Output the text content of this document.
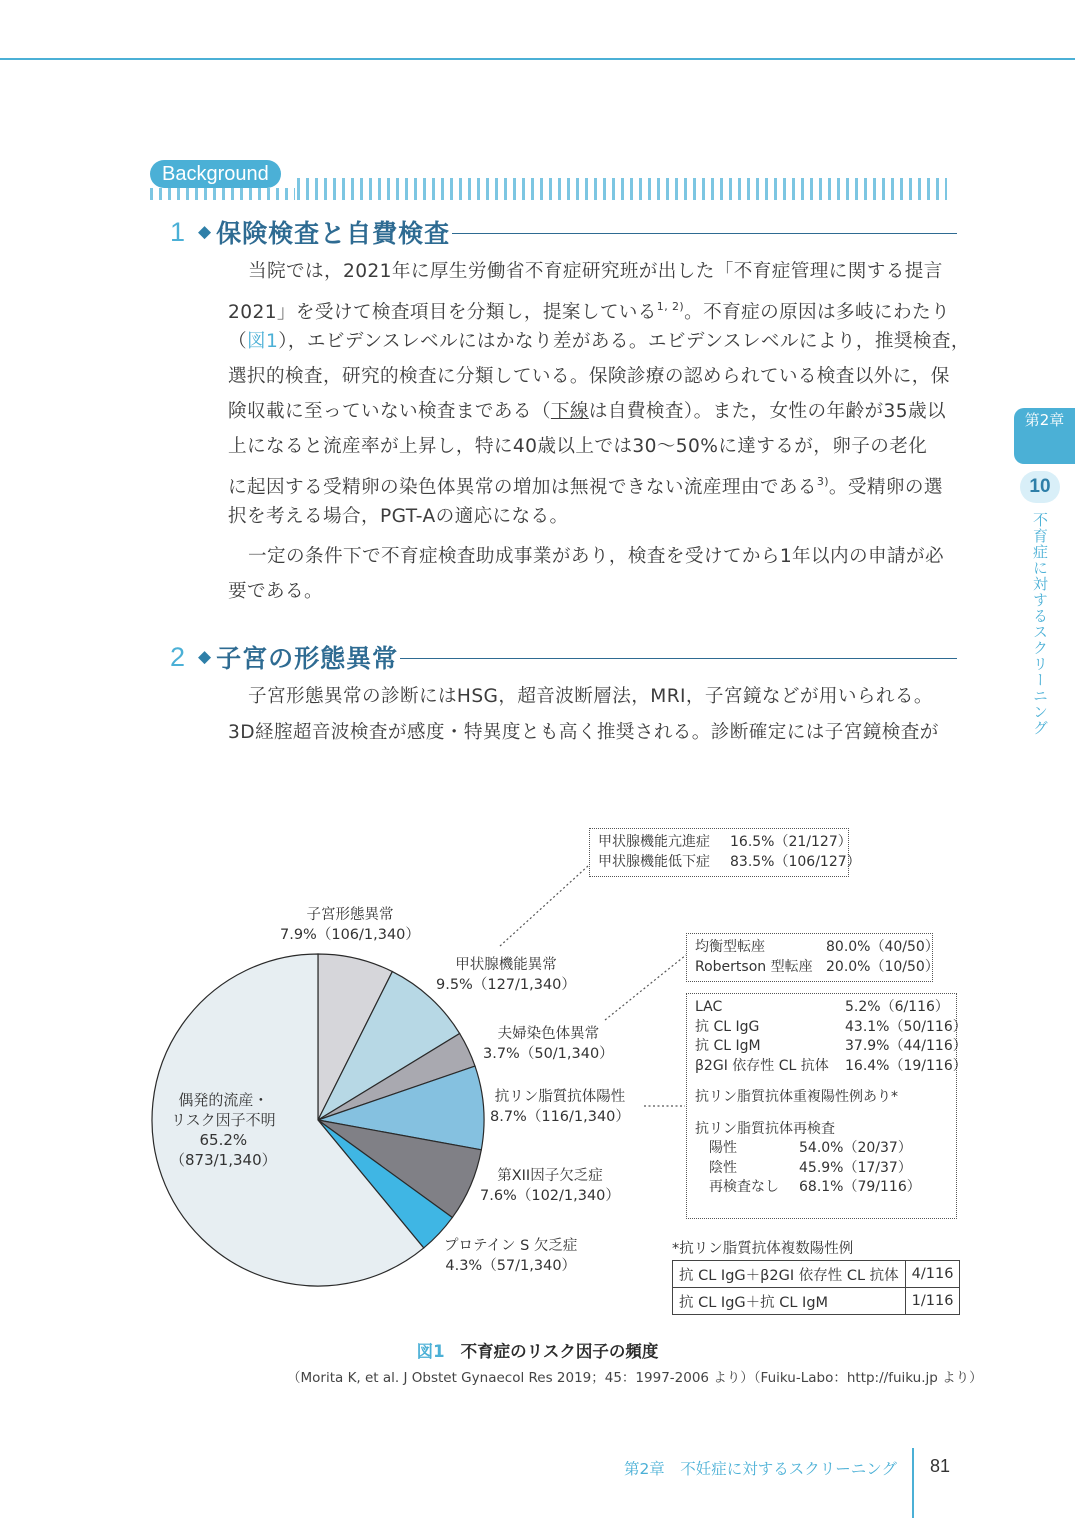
Background
1 ◆ 保険検査と自費検査
当院では，2021年に厚生労働省不育症研究班が出した「不育症管理に関する提言
2021」を受けて検査項目を分類し，提案している$^{1, 2)}$。不育症の原因は多岐にわたり
（図1），エビデンスレベルにはかなり差がある。エビデンスレベルにより，推奨検査，
選択的検査，研究的検査に分類している。保険診療の認められている検査以外に，保
険収載に至っていない検査まである（下線は自費検査）。また，女性の年齢が35歳以
上になると流産率が上昇し，特に40歳以上では30〜50%に達するが，卵子の老化
に起因する受精卵の染色体異常の増加は無視できない流産理由である$^{3)}$。受精卵の選
択を考える場合，PGT-Aの適応になる。
一定の条件下で不育症検査助成事業があり，検査を受けてから1年以内の申請が必
要である。
2 ◆ 子宮の形態異常
子宮形態異常の診断にはHSG，超音波断層法，MRI，子宮鏡などが用いられる。
3D経腟超音波検査が感度・特異度とも高く推奨される。診断確定には子宮鏡検査が
第2章
10
不育症に対するスクリーニング
子宮形態異常
7.9%（106/1,340）
甲状腺機能異常
9.5%（127/1,340）
夫婦染色体異常
3.7%（50/1,340）
抗リン脂質抗体陽性
8.7%（116/1,340）
第XII因子欠乏症
7.6%（102/1,340）
プロテイン S 欠乏症
4.3%（57/1,340）
偶発的流産・
リスク因子不明
65.2%
（873/1,340）
甲状腺機能亢進症	16.5%（21/127）
甲状腺機能低下症	83.5%（106/127）
均衡型転座	80.0%（40/50）
Robertson 型転座 20.0%（10/50）
LAC	5.2%（6/116）
抗 CL IgG	43.1%（50/116）
抗 CL IgM	37.9%（44/116）
β2GI 依存性 CL 抗体	16.4%（19/116）
抗リン脂質抗体重複陽性例あり*
抗リン脂質抗体再検査
陽性	54.0%（20/37）
陰性	45.9%（17/37）
再検査なし	68.1%（79/116）
*抗リン脂質抗体複数陽性例
抗 CL IgG＋β2GI 依存性 CL 抗体	4/116
抗 CL IgG＋抗 CL IgM	1/116
図1 不育症のリスク因子の頻度
（Morita K, et al. J Obstet Gynaecol Res 2019；45：1997-2006 より）（Fuiku-Labo：http://fuiku.jp より）
第2章　不妊症に対するスクリーニング 81
